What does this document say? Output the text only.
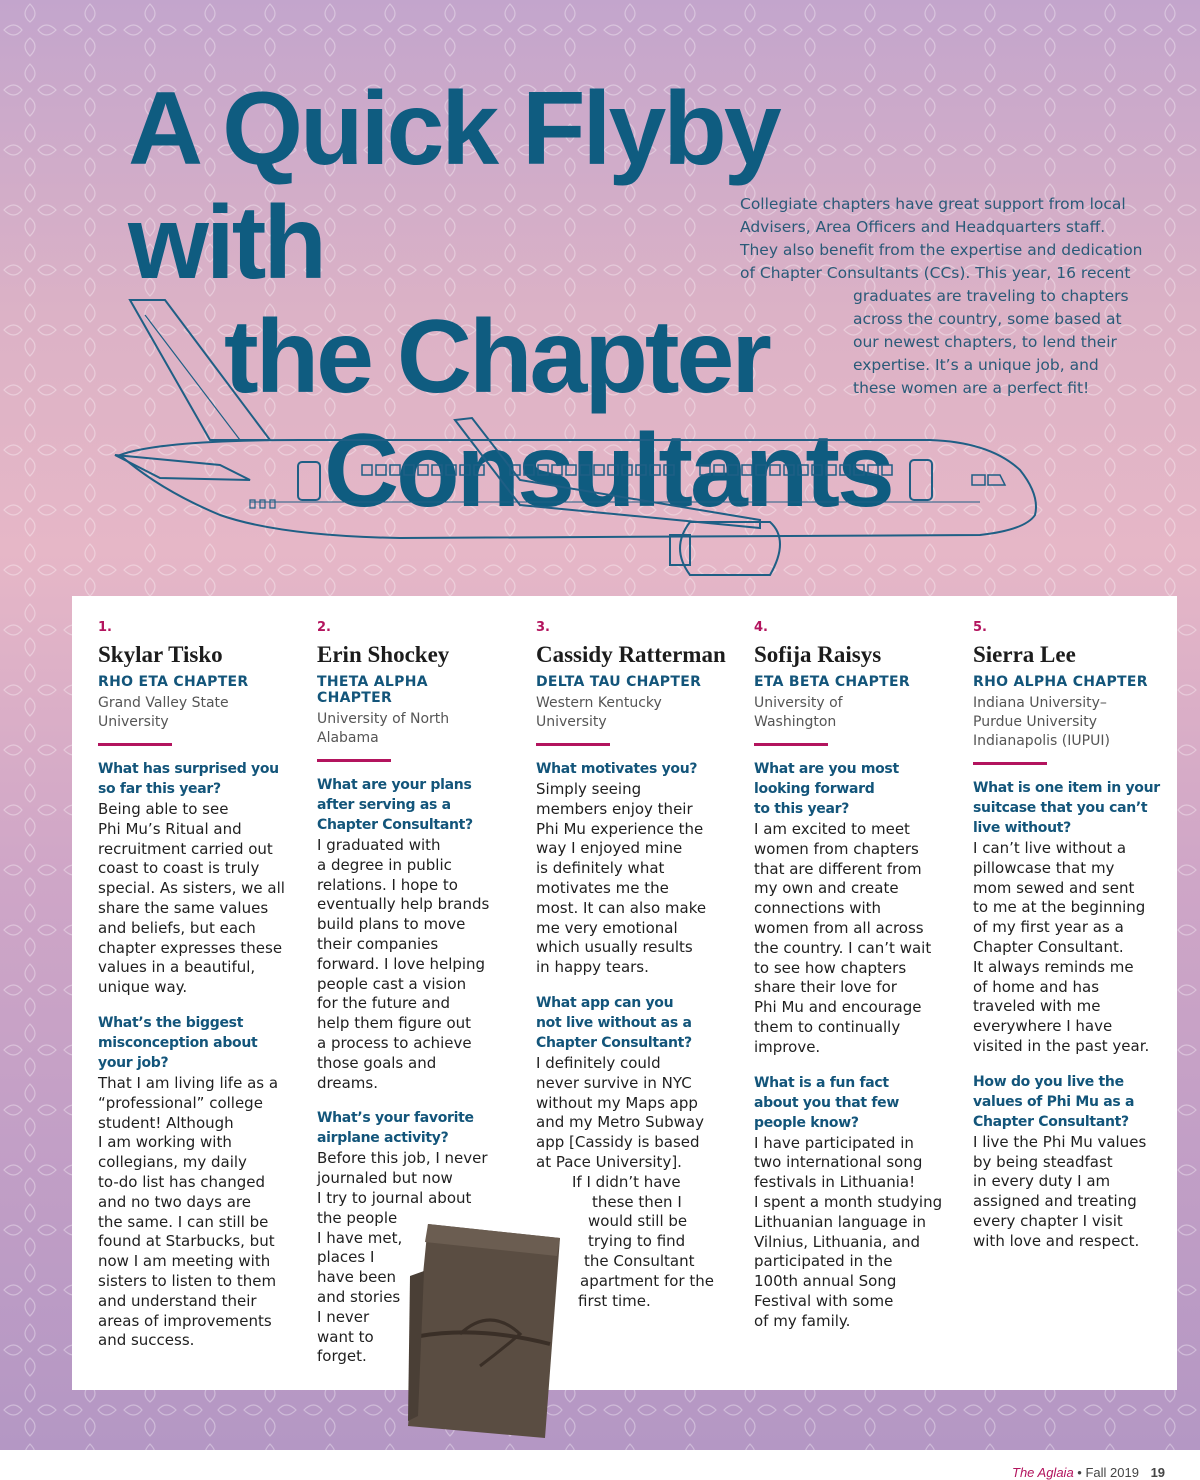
A Quick Flyby with
the Chapter
Consultants
Collegiate chapters have great support from local
Advisers, Area Officers and Headquarters staff.
They also benefit from the expertise and dedication
of Chapter Consultants (CCs). This year, 16 recent
graduates are traveling to chapters
across the country, some based at
our newest chapters, to lend their
expertise. It’s a unique job, and
these women are a perfect fit!

1.

Skylar Tisko

RHO ETA CHAPTER

Grand Valley State
University

What has surprised you
so far this year?

Being able to see
Phi Mu’s Ritual and
recruitment carried out
coast to coast is truly
special. As sisters, we all
share the same values
and beliefs, but each
chapter expresses these
values in a beautiful,
unique way.

What’s the biggest
misconception about
your job?

That I am living life as a
“professional” college
student! Although
I am working with
collegians, my daily
to-do list has changed
and no two days are
the same. I can still be
found at Starbucks, but
now I am meeting with
sisters to listen to them
and understand their
areas of improvements
and success.

2.

Erin Shockey

THETA ALPHA CHAPTER

University of North
Alabama

What are your plans
after serving as a
Chapter Consultant?

I graduated with
a degree in public
relations. I hope to
eventually help brands
build plans to move
their companies
forward. I love helping
people cast a vision
for the future and
help them figure out
a process to achieve
those goals and
dreams.

What’s your favorite
airplane activity?

Before this job, I never
journaled but now
I try to journal about
the people
I have met,
places I
have been
and stories
I never
want to
forget.

3.

Cassidy Ratterman

DELTA TAU CHAPTER

Western Kentucky
University

What motivates you?

Simply seeing
members enjoy their
Phi Mu experience the
way I enjoyed mine
is definitely what
motivates me the
most. It can also make
me very emotional
which usually results
in happy tears.

What app can you
not live without as a
Chapter Consultant?

I definitely could
never survive in NYC
without my Maps app
and my Metro Subway
app [Cassidy is based
at Pace University].
If I didn’t have
these then I
would still be
trying to find
the Consultant
apartment for the
first time.

4.

Sofija Raisys

ETA BETA CHAPTER

University of
Washington

What are you most
looking forward
to this year?

I am excited to meet
women from chapters
that are different from
my own and create
connections with
women from all across
the country. I can’t wait
to see how chapters
share their love for
Phi Mu and encourage
them to continually
improve.

What is a fun fact
about you that few
people know?

I have participated in
two international song
festivals in Lithuania!
I spent a month studying
Lithuanian language in
Vilnius, Lithuania, and
participated in the
100th annual Song
Festival with some
of my family.

5.

Sierra Lee

RHO ALPHA CHAPTER

Indiana University–
Purdue University
Indianapolis (IUPUI)

What is one item in your
suitcase that you can’t
live without?

I can’t live without a
pillowcase that my
mom sewed and sent
to me at the beginning
of my first year as a
Chapter Consultant.
It always reminds me
of home and has
traveled with me
everywhere I have
visited in the past year.

How do you live the
values of Phi Mu as a
Chapter Consultant?

I live the Phi Mu values
by being steadfast
in every duty I am
assigned and treating
every chapter I visit
with love and respect.

The Aglaia • Fall 2019 19
